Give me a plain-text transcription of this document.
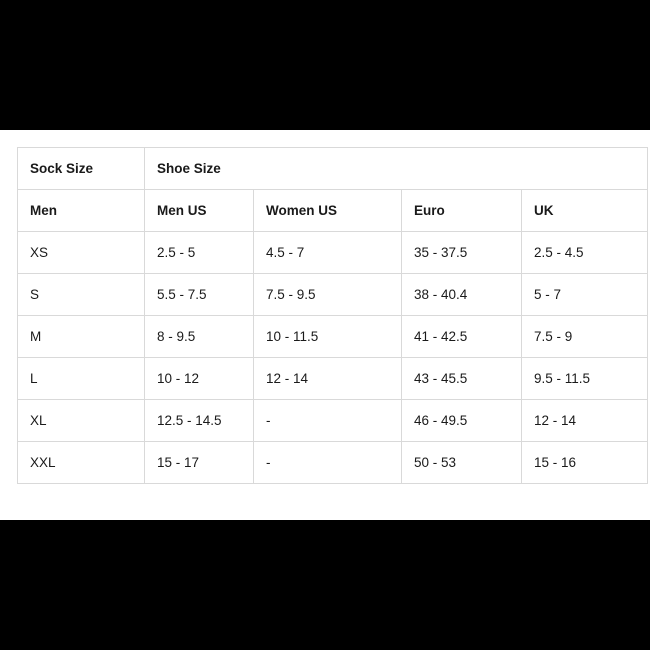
Sock Size	Shoe Size			
Men	Men US	Women US	Euro	UK
XS	2.5 - 5	4.5 - 7	35 - 37.5	2.5 - 4.5
S	5.5 - 7.5	7.5 - 9.5	38 - 40.4	5 - 7
M	8 - 9.5	10 - 11.5	41 - 42.5	7.5 - 9
L	10 - 12	12 - 14	43 - 45.5	9.5 - 11.5
XL	12.5 - 14.5	-	46 - 49.5	12 - 14
XXL	15 - 17	-	50 - 53	15 - 16
